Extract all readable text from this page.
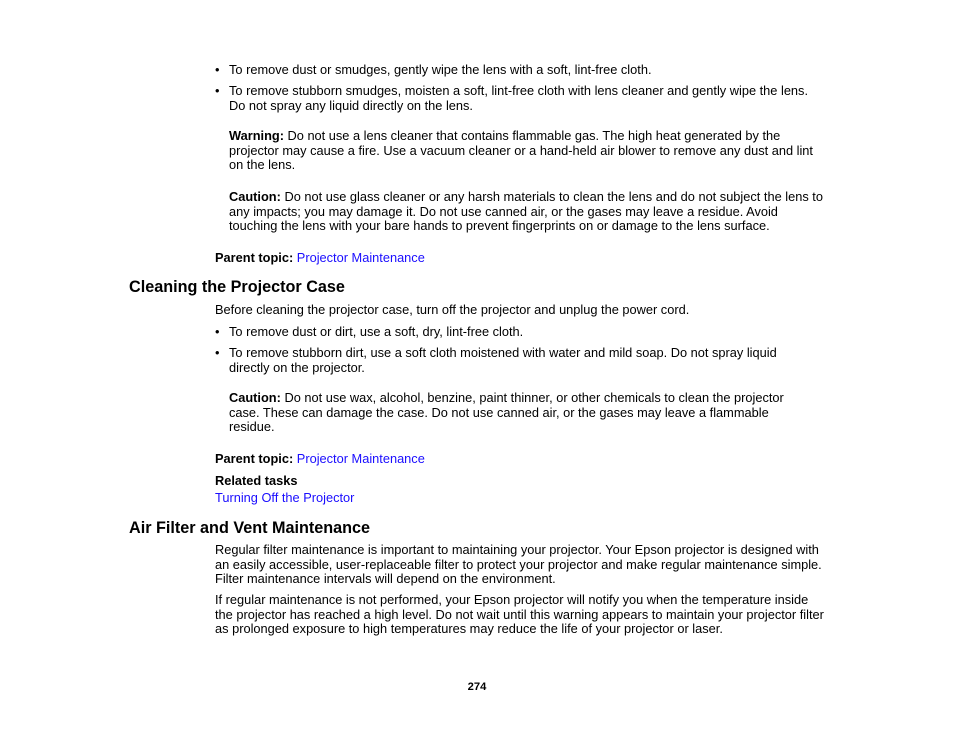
• To remove dust or smudges, gently wipe the lens with a soft, lint-free cloth.
• To remove stubborn smudges, moisten a soft, lint-free cloth with lens cleaner and gently wipe the lens. Do not spray any liquid directly on the lens.
Warning: Do not use a lens cleaner that contains flammable gas. The high heat generated by the projector may cause a fire. Use a vacuum cleaner or a hand-held air blower to remove any dust and lint on the lens.
Caution: Do not use glass cleaner or any harsh materials to clean the lens and do not subject the lens to any impacts; you may damage it. Do not use canned air, or the gases may leave a residue. Avoid touching the lens with your bare hands to prevent fingerprints on or damage to the lens surface.
Parent topic: Projector Maintenance
Cleaning the Projector Case
Before cleaning the projector case, turn off the projector and unplug the power cord.
• To remove dust or dirt, use a soft, dry, lint-free cloth.
• To remove stubborn dirt, use a soft cloth moistened with water and mild soap. Do not spray liquid directly on the projector.
Caution: Do not use wax, alcohol, benzine, paint thinner, or other chemicals to clean the projector case. These can damage the case. Do not use canned air, or the gases may leave a flammable residue.
Parent topic: Projector Maintenance
Related tasks
Turning Off the Projector
Air Filter and Vent Maintenance
Regular filter maintenance is important to maintaining your projector. Your Epson projector is designed with an easily accessible, user-replaceable filter to protect your projector and make regular maintenance simple. Filter maintenance intervals will depend on the environment.
If regular maintenance is not performed, your Epson projector will notify you when the temperature inside the projector has reached a high level. Do not wait until this warning appears to maintain your projector filter as prolonged exposure to high temperatures may reduce the life of your projector or laser.
274
